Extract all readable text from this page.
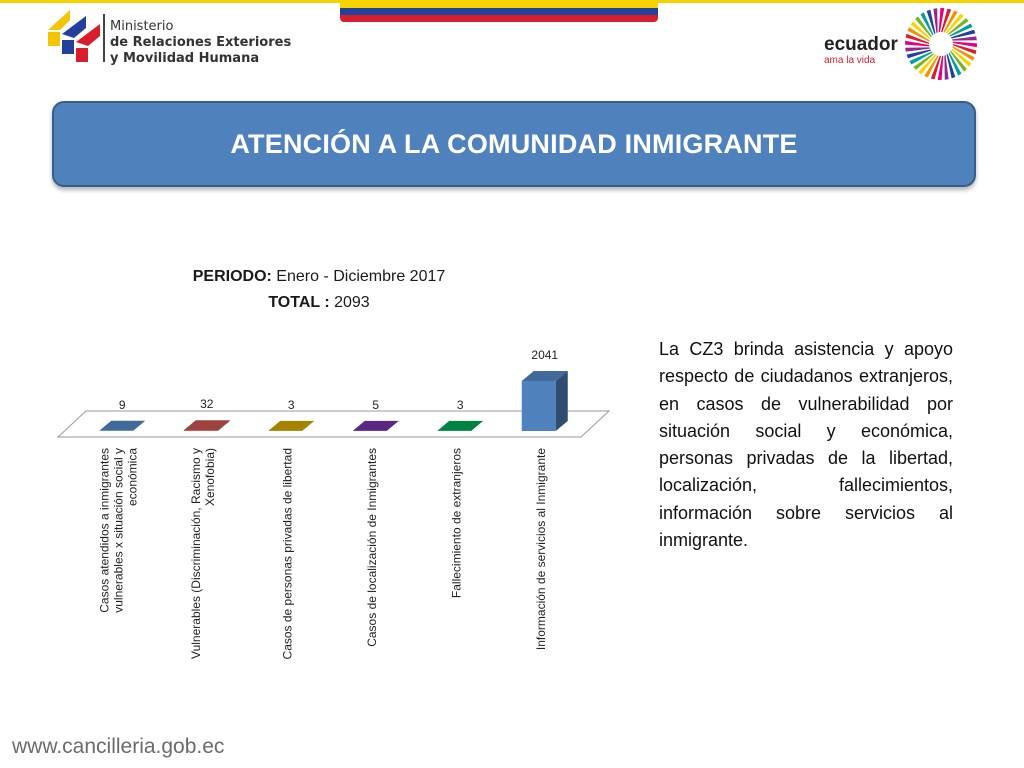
Ministerio
de Relaciones Exteriores
y Movilidad Humana
ecuador
ama la vida
ATENCIÓN A LA COMUNIDAD INMIGRANTE
PERIODO: Enero - Diciembre 2017
TOTAL : 2093
9	32	3	5	3
2041
Casos atendidos a inmigrantesvulnerables x situación social yeconómica	Vulnerables (Discriminación, Racismo yXenofobia)	Casos de personas privadas de libertad	Casos de localización de Inmigrantes	Fallecimiento de extranjeros	Información de servicios al Inmigrante
La CZ3 brinda asistencia y apoyo respecto de ciudadanos extranjeros, en casos de vulnerabilidad por situación social y económica, personas privadas de la libertad, localización, fallecimientos, información sobre servicios al inmigrante.
www.cancilleria.gob.ec
